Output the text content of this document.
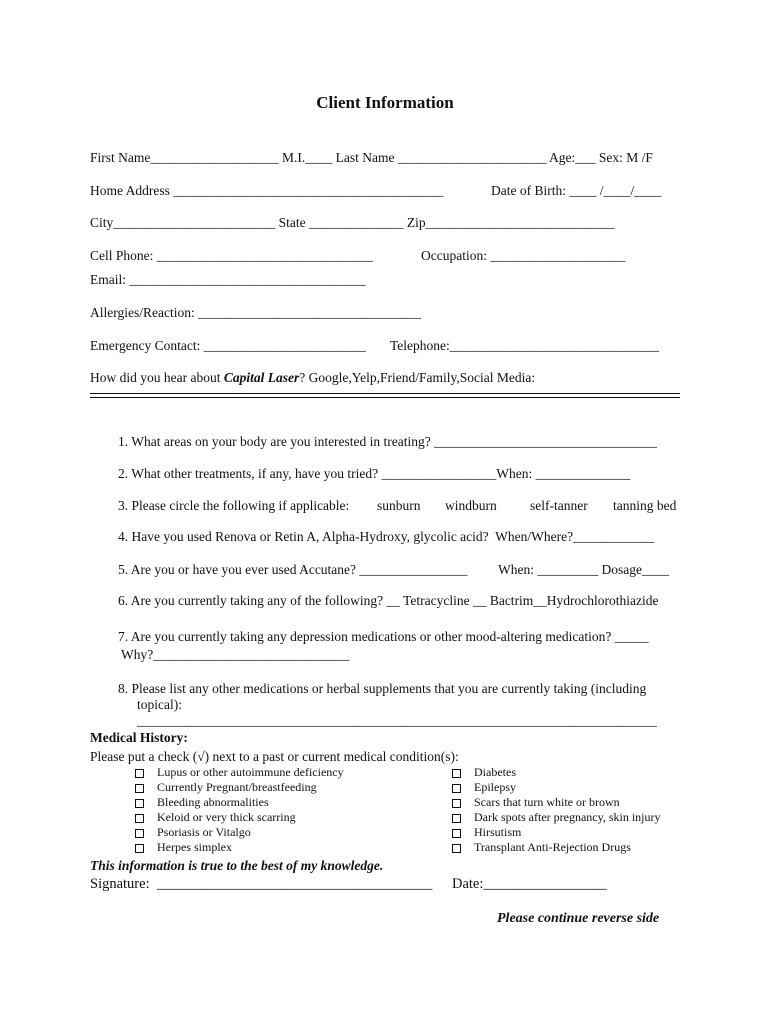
Client Information
First Name___________________ M.I.____ Last Name ______________________ Age:___ Sex: M /F
Home Address ________________________________________	Date of Birth: ____ /____/____
City________________________ State ______________ Zip____________________________
Cell Phone: ________________________________	Occupation: ____________________
Email: ___________________________________
Allergies/Reaction: _________________________________
Emergency Contact: ________________________ Telephone:_______________________________
How did you hear about Capital Laser? Google,Yelp,Friend/Family,Social Media:
1. What areas on your body are you interested in treating? _________________________________
2. What other treatments, if any, have you tried? _________________When: ______________
3. Please circle the following if applicable: sunburn windburn self-tanner tanning bed
4. Have you used Renova or Retin A, Alpha-Hydroxy, glycolic acid?  When/Where?____________
5. Are you or have you ever used Accutane? ________________ When: _________ Dosage____
6. Are you currently taking any of the following? __ Tetracycline __ Bactrim__Hydrochlorothiazide
7. Are you currently taking any depression medications or other mood-altering medication? _____
Why?_____________________________
8. Please list any other medications or herbal supplements that you are currently taking (including
topical):
_____________________________________________________________________________
Medical History:
Please put a check (√) next to a past or current medical condition(s):
Lupus or other autoimmune deficiency
Currently Pregnant/breastfeeding
Bleeding abnormalities
Keloid or very thick scarring
Psoriasis or Vitalgo
Herpes simplex
Diabetes
Epilepsy
Scars that turn white or brown
Dark spots after pregnancy, skin injury
Hirsutism
Transplant Anti-Rejection Drugs
This information is true to the best of my knowledge.
Signature:  ______________________________________ Date:_________________
Please continue reverse side
